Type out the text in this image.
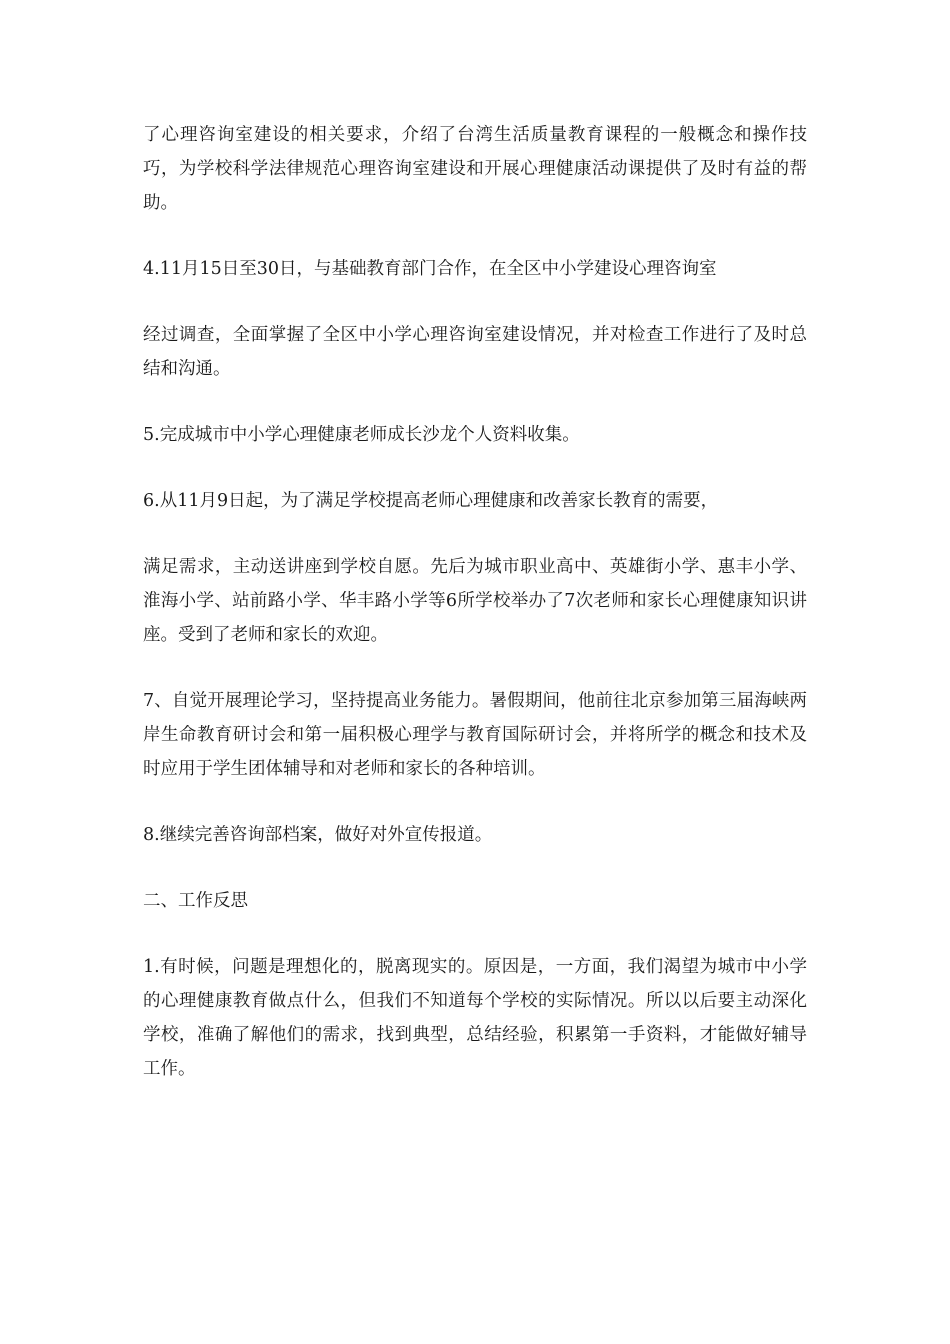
了心理咨询室建设的相关要求，介绍了台湾生活质量教育课程的一般概念和操作技巧，为学校科学法律规范心理咨询室建设和开展心理健康活动课提供了及时有益的帮助。

4.11月15日至30日，与基础教育部门合作，在全区中小学建设心理咨询室

经过调查，全面掌握了全区中小学心理咨询室建设情况，并对检查工作进行了及时总结和沟通。

5.完成城市中小学心理健康老师成长沙龙个人资料收集。

6.从11月9日起，为了满足学校提高老师心理健康和改善家长教育的需要，

满足需求，主动送讲座到学校自愿。先后为城市职业高中、英雄街小学、惠丰小学、淮海小学、站前路小学、华丰路小学等6所学校举办了7次老师和家长心理健康知识讲座。受到了老师和家长的欢迎。

7、自觉开展理论学习，坚持提高业务能力。暑假期间，他前往北京参加第三届海峡两岸生命教育研讨会和第一届积极心理学与教育国际研讨会，并将所学的概念和技术及时应用于学生团体辅导和对老师和家长的各种培训。

8.继续完善咨询部档案，做好对外宣传报道。

二、工作反思

1.有时候，问题是理想化的，脱离现实的。原因是，一方面，我们渴望为城市中小学的心理健康教育做点什么，但我们不知道每个学校的实际情况。所以以后要主动深化学校，准确了解他们的需求，找到典型，总结经验，积累第一手资料，才能做好辅导工作。
